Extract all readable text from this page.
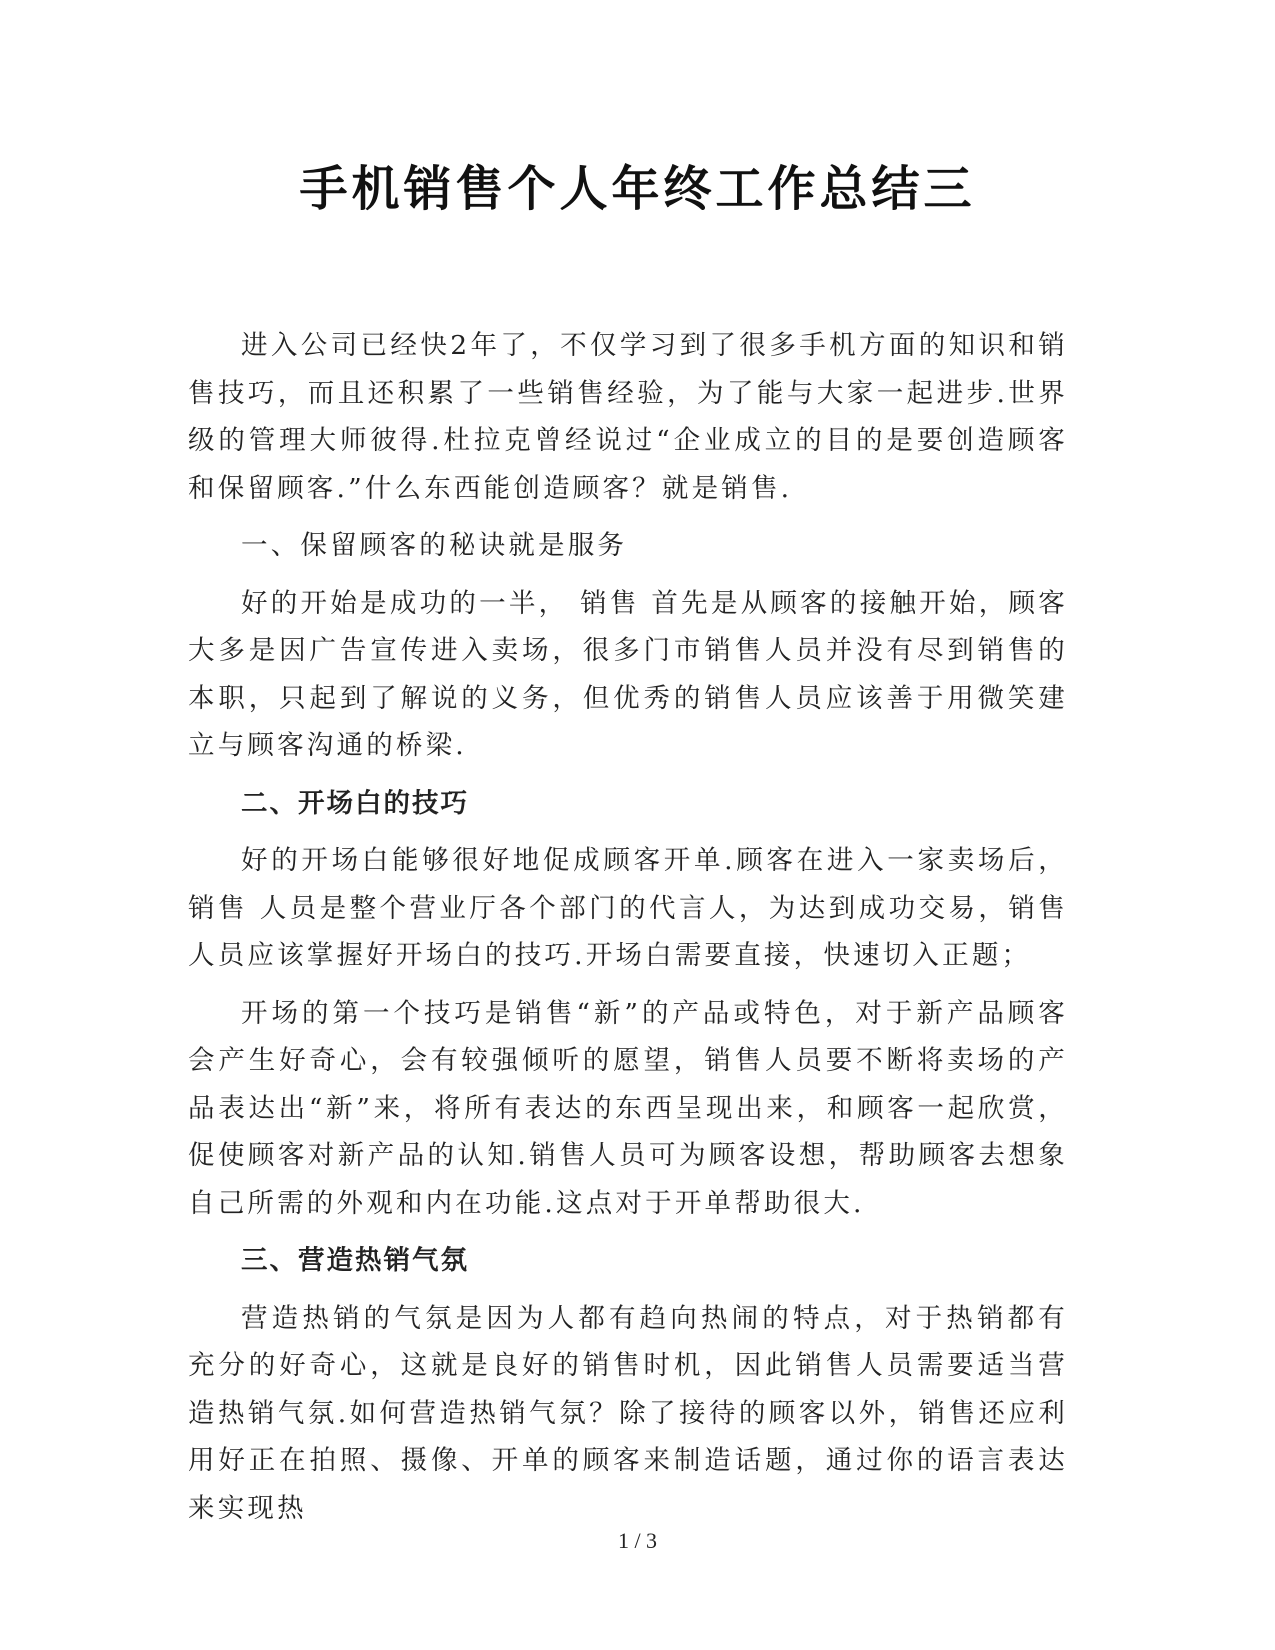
手机销售个人年终工作总结三

进入公司已经快2年了，不仅学习到了很多手机方面的知识和销售技巧，而且还积累了一些销售经验，为了能与大家一起进步.世界级的管理大师彼得.杜拉克曾经说过“企业成立的目的是要创造顾客和保留顾客.”什么东西能创造顾客？就是销售.

一、保留顾客的秘诀就是服务

好的开始是成功的一半， 销售 首先是从顾客的接触开始，顾客大多是因广告宣传进入卖场，很多门市销售人员并没有尽到销售的本职，只起到了解说的义务，但优秀的销售人员应该善于用微笑建立与顾客沟通的桥梁.

二、开场白的技巧

好的开场白能够很好地促成顾客开单.顾客在进入一家卖场后，销售 人员是整个营业厅各个部门的代言人，为达到成功交易，销售人员应该掌握好开场白的技巧.开场白需要直接，快速切入正题；

开场的第一个技巧是销售“新”的产品或特色，对于新产品顾客会产生好奇心，会有较强倾听的愿望，销售人员要不断将卖场的产品表达出“新”来，将所有表达的东西呈现出来，和顾客一起欣赏，促使顾客对新产品的认知.销售人员可为顾客设想，帮助顾客去想象自己所需的外观和内在功能.这点对于开单帮助很大.

三、营造热销气氛

营造热销的气氛是因为人都有趋向热闹的特点，对于热销都有充分的好奇心，这就是良好的销售时机，因此销售人员需要适当营造热销气氛.如何营造热销气氛？除了接待的顾客以外，销售还应利用好正在拍照、摄像、开单的顾客来制造话题，通过你的语言表达来实现热

1 / 3
